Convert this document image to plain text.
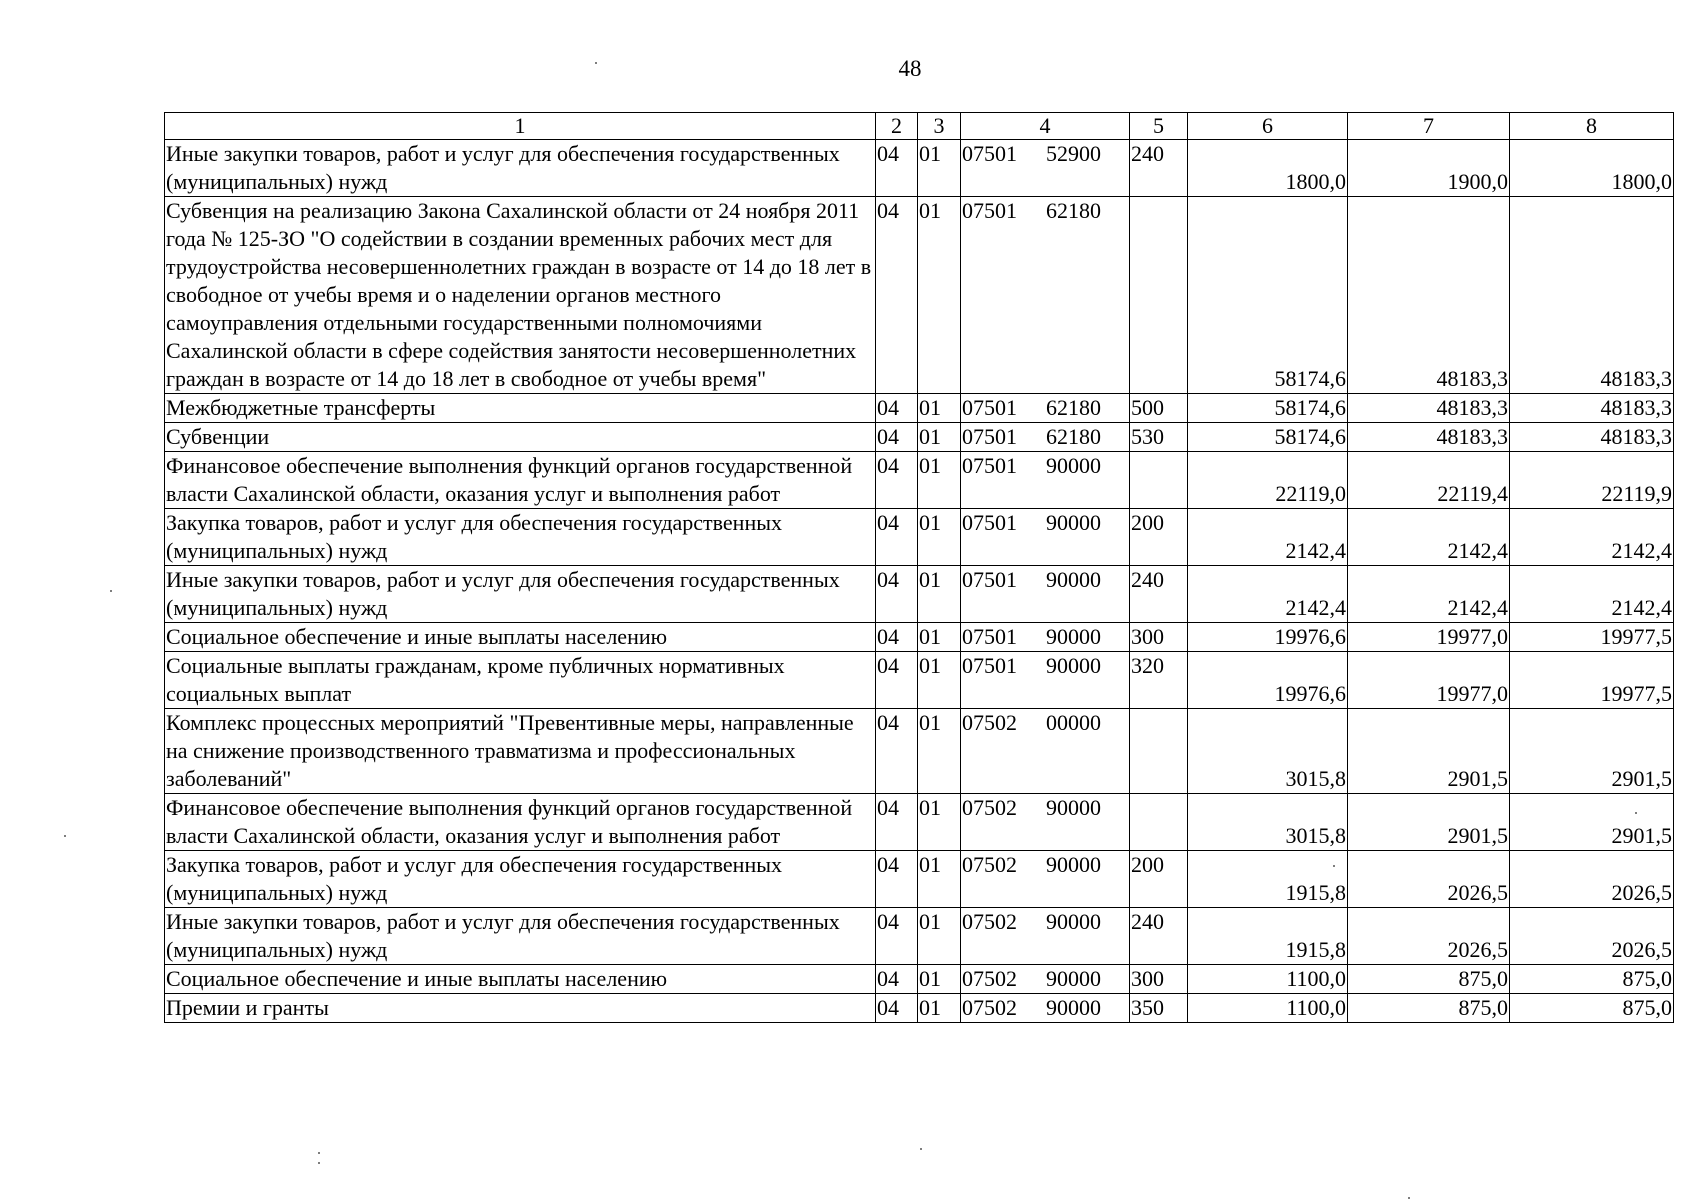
48
1	2	3	4	5	6	7	8
Иные закупки товаров, работ и услуг для обеспечения государственных (муниципальных) нужд	04	01	07501 52900	240	1800,0	1900,0	1800,0
Субвенция на реализацию Закона Сахалинской области от 24 ноября 2011 года № 125-ЗО "О содействии в создании временных рабочих мест для трудоустройства несовершеннолетних граждан в возрасте от 14 до 18 лет в свободное от учебы время и о наделении органов местного самоуправления отдельными государственными полномочиями Сахалинской области в сфере содействия занятости несовершеннолетних граждан в возрасте от 14 до 18 лет в свободное от учебы время"	04	01	07501 62180		58174,6	48183,3	48183,3
Межбюджетные трансферты	04	01	07501 62180	500	58174,6	48183,3	48183,3
Субвенции	04	01	07501 62180	530	58174,6	48183,3	48183,3
Финансовое обеспечение выполнения функций органов государственной власти Сахалинской области, оказания услуг и выполнения работ	04	01	07501 90000		22119,0	22119,4	22119,9
Закупка товаров, работ и услуг для обеспечения государственных (муниципальных) нужд	04	01	07501 90000	200	2142,4	2142,4	2142,4
Иные закупки товаров, работ и услуг для обеспечения государственных (муниципальных) нужд	04	01	07501 90000	240	2142,4	2142,4	2142,4
Социальное обеспечение и иные выплаты населению	04	01	07501 90000	300	19976,6	19977,0	19977,5
Социальные выплаты гражданам, кроме публичных нормативных социальных выплат	04	01	07501 90000	320	19976,6	19977,0	19977,5
Комплекс процессных мероприятий "Превентивные меры, направленные на снижение производственного травматизма и профессиональных заболеваний"	04	01	07502 00000		3015,8	2901,5	2901,5
Финансовое обеспечение выполнения функций органов государственной власти Сахалинской области, оказания услуг и выполнения работ	04	01	07502 90000		3015,8	2901,5	2901,5
Закупка товаров, работ и услуг для обеспечения государственных (муниципальных) нужд	04	01	07502 90000	200	1915,8	2026,5	2026,5
Иные закупки товаров, работ и услуг для обеспечения государственных (муниципальных) нужд	04	01	07502 90000	240	1915,8	2026,5	2026,5
Социальное обеспечение и иные выплаты населению	04	01	07502 90000	300	1100,0	875,0	875,0
Премии и гранты	04	01	07502 90000	350	1100,0	875,0	875,0
